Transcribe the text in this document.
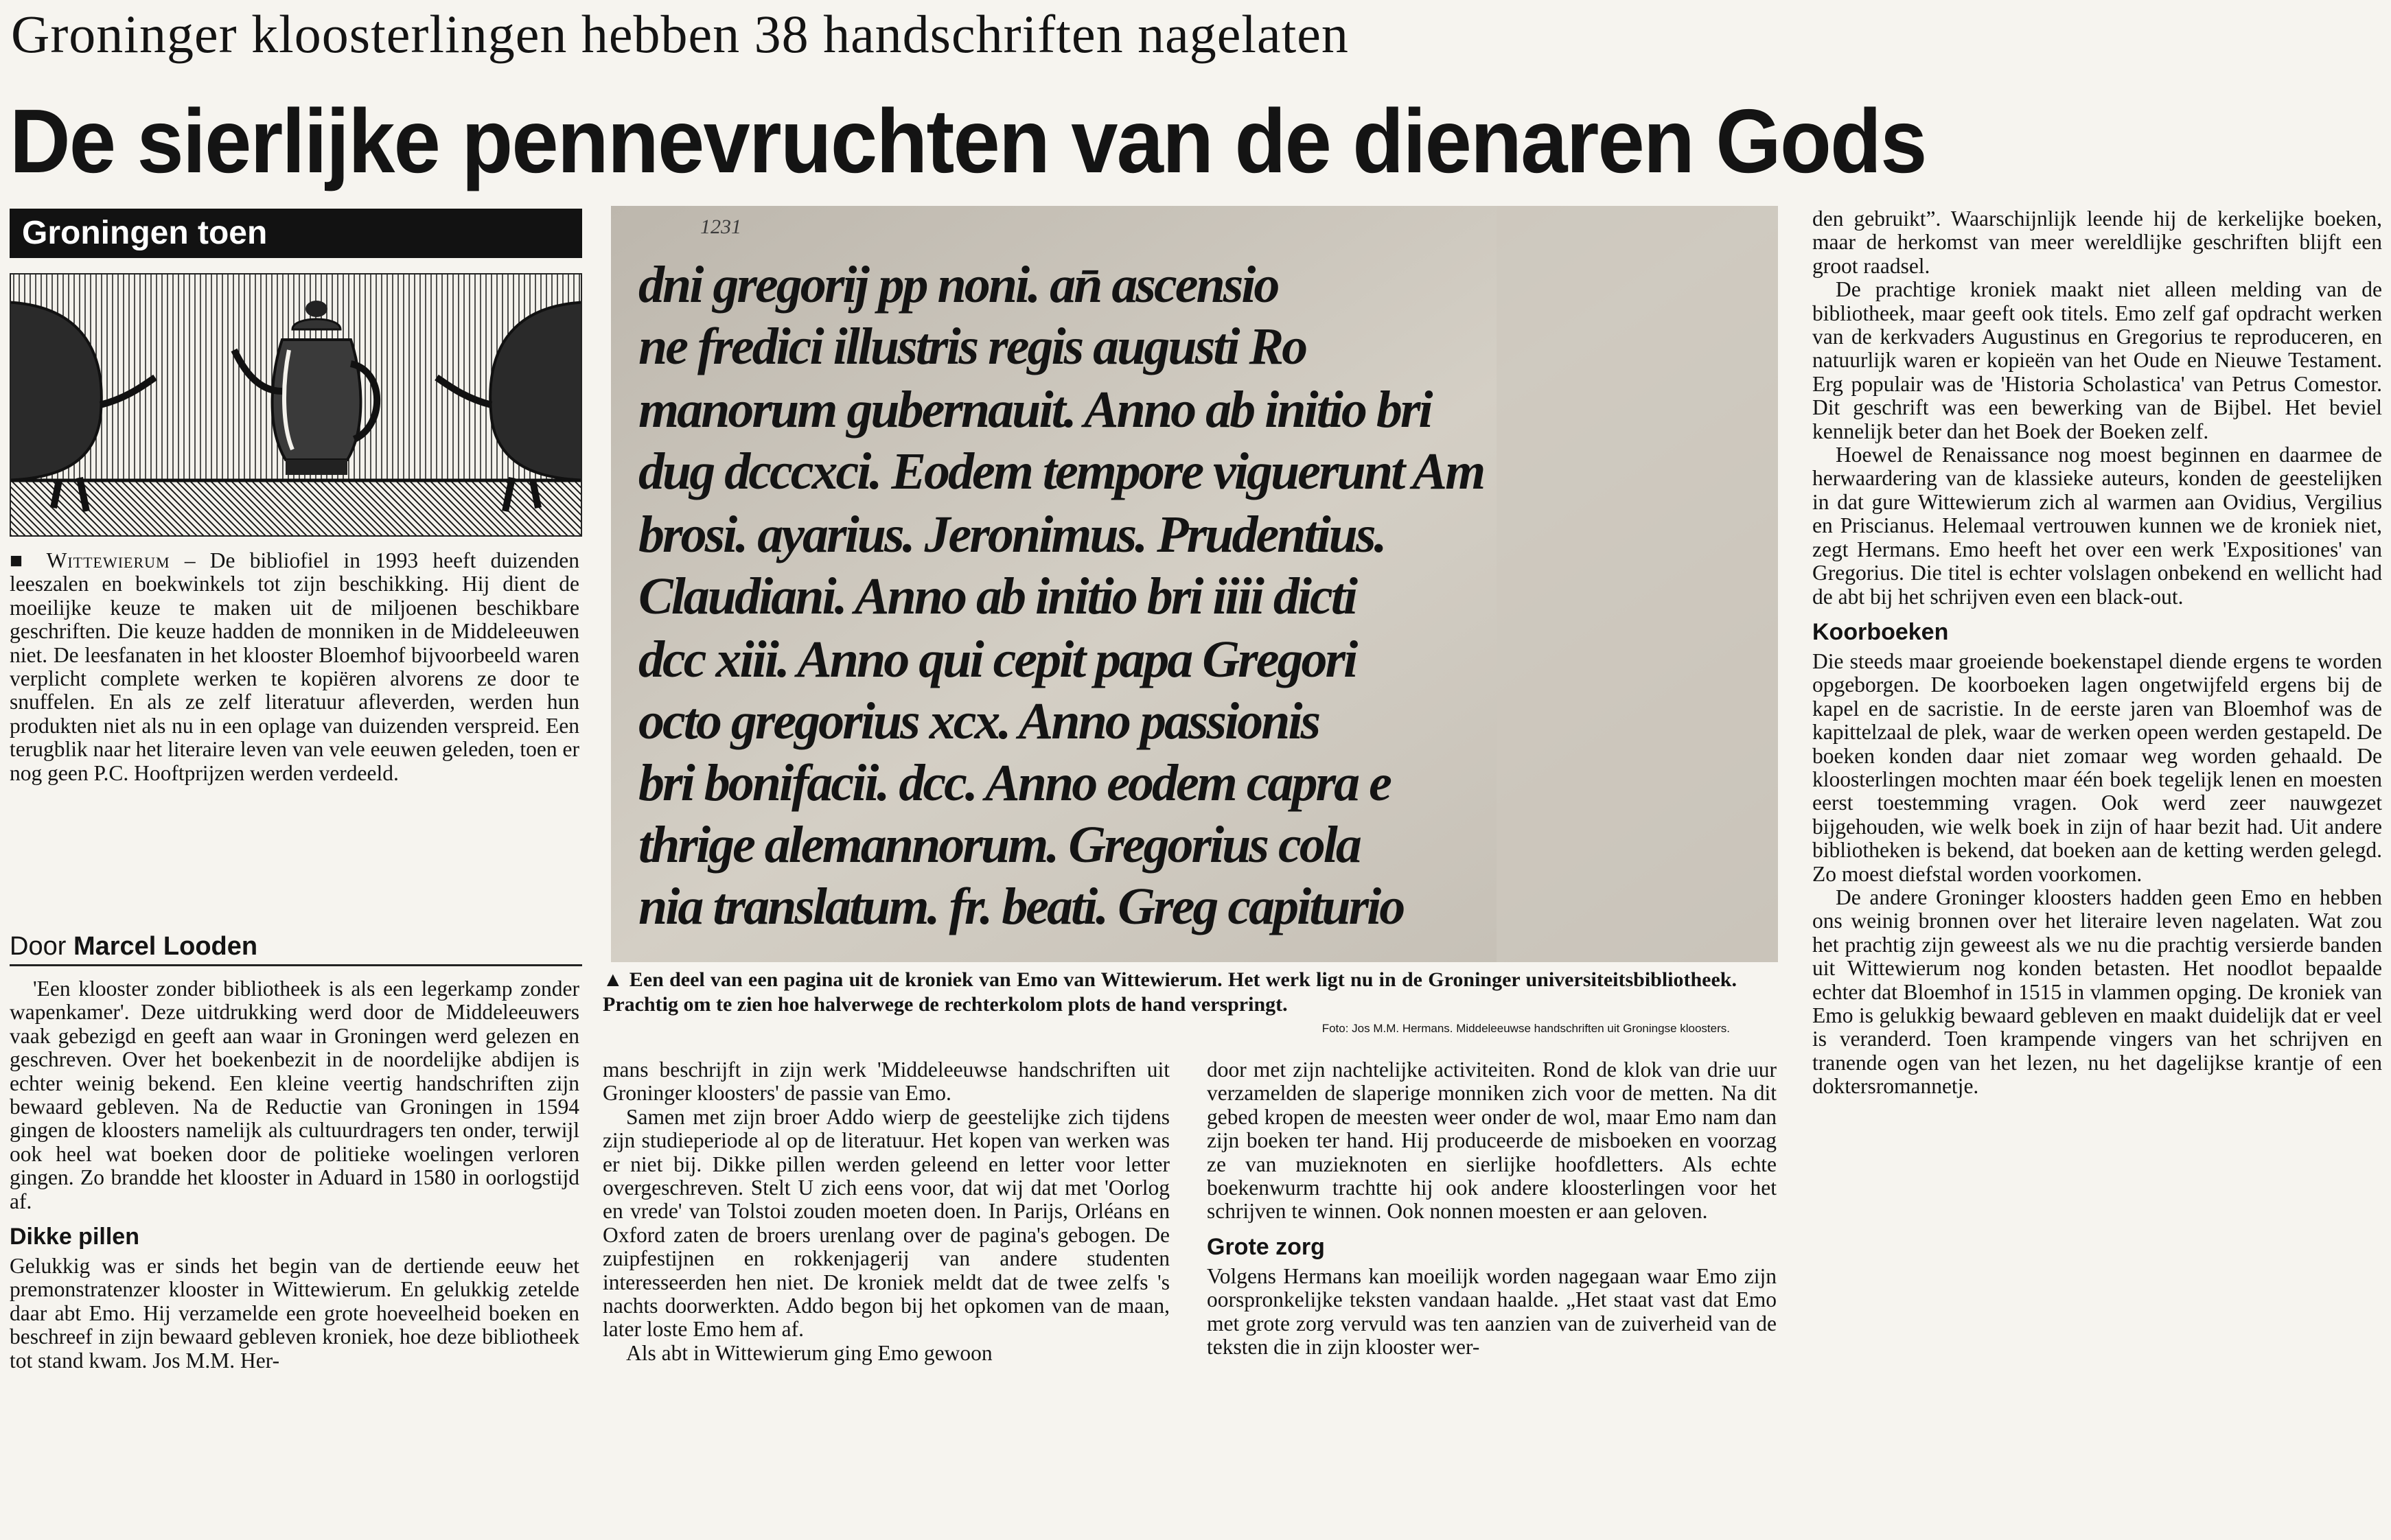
Groninger kloosterlingen hebben 38 handschriften nagelaten
De sierlijke pennevruchten van de dienaren Gods
Groningen toen

■ Wittewierum – De bibliofiel in 1993 heeft duizenden leeszalen en boekwinkels tot zijn beschikking. Hij dient de moeilijke keuze te maken uit de miljoenen beschikbare geschriften. Die keuze hadden de monniken in de Middeleeuwen niet. De leesfanaten in het klooster Bloemhof bijvoorbeeld waren verplicht complete werken te kopiëren alvorens ze door te snuffelen. En als ze zelf literatuur afleverden, werden hun produkten niet als nu in een oplage van duizenden verspreid. Een terugblik naar het literaire leven van vele eeuwen geleden, toen er nog geen P.C. Hooftprijzen werden verdeeld.

Door Marcel Looden
1231
dni gregorij pp noni. an̄ ascensio
ne fredici illustris regis augusti Ro
manorum gubernauit. Anno ab initio bri
dug dcccxci. Eodem tempore viguerunt Am
brosi. ayarius. Jeronimus. Prudentius.
Claudiani. Anno ab initio bri iiii dicti
dcc xiii. Anno qui cepit papa Gregori
octo gregorius xcx. Anno passionis
bri bonifacii. dcc. Anno eodem capra e
thrige alemannorum. Gregorius cola
nia translatum. fr. beati. Greg capiturio
▲ Een deel van een pagina uit de kroniek van Emo van Wittewierum. Het werk ligt nu in de Groninger universiteitsbibliotheek. Prachtig om te zien hoe halverwege de rechterkolom plots de hand verspringt.
Foto: Jos M.M. Hermans. Middeleeuwse handschriften uit Groningse kloosters.

'Een klooster zonder bibliotheek is als een legerkamp zonder wapenkamer'. Deze uitdrukking werd door de Middeleeuwers vaak gebezigd en geeft aan waar in Groningen werd gelezen en geschreven. Over het boekenbezit in de noordelijke abdijen is echter weinig bekend. Een kleine veertig handschriften zijn bewaard gebleven. Na de Reductie van Groningen in 1594 gingen de kloosters namelijk als cultuurdragers ten onder, terwijl ook heel wat boeken door de politieke woelingen verloren gingen. Zo brandde het klooster in Aduard in 1580 in oorlogstijd af.

Dikke pillen

Gelukkig was er sinds het begin van de dertiende eeuw het premonstratenzer klooster in Wittewierum. En gelukkig zetelde daar abt Emo. Hij verzamelde een grote hoeveelheid boeken en beschreef in zijn bewaard gebleven kroniek, hoe deze bibliotheek tot stand kwam. Jos M.M. Her-

mans beschrijft in zijn werk 'Middeleeuwse handschriften uit Groninger kloosters' de passie van Emo.

Samen met zijn broer Addo wierp de geestelijke zich tijdens zijn studieperiode al op de literatuur. Het kopen van werken was er niet bij. Dikke pillen werden geleend en letter voor letter overgeschreven. Stelt U zich eens voor, dat wij dat met 'Oorlog en vrede' van Tolstoi zouden moeten doen. In Parijs, Orléans en Oxford zaten de broers urenlang over de pagina's gebogen. De zuipfestijnen en rokkenjagerij van andere studenten interesseerden hen niet. De kroniek meldt dat de twee zelfs 's nachts doorwerkten. Addo begon bij het opkomen van de maan, later loste Emo hem af.

Als abt in Wittewierum ging Emo gewoon

door met zijn nachtelijke activiteiten. Rond de klok van drie uur verzamelden de slaperige monniken zich voor de metten. Na dit gebed kropen de meesten weer onder de wol, maar Emo nam dan zijn boeken ter hand. Hij produceerde de misboeken en voorzag ze van muzieknoten en sierlijke hoofdletters. Als echte boekenwurm trachtte hij ook andere kloosterlingen voor het schrijven te winnen. Ook nonnen moesten er aan geloven.

Grote zorg

Volgens Hermans kan moeilijk worden nagegaan waar Emo zijn oorspronkelijke teksten vandaan haalde. „Het staat vast dat Emo met grote zorg vervuld was ten aanzien van de zuiverheid van de teksten die in zijn klooster wer-

den gebruikt”. Waarschijnlijk leende hij de kerkelijke boeken, maar de herkomst van meer wereldlijke geschriften blijft een groot raadsel.

De prachtige kroniek maakt niet alleen melding van de bibliotheek, maar geeft ook titels. Emo zelf gaf opdracht werken van de kerkvaders Augustinus en Gregorius te reproduceren, en natuurlijk waren er kopieën van het Oude en Nieuwe Testament. Erg populair was de 'Historia Scholastica' van Petrus Comestor. Dit geschrift was een bewerking van de Bijbel. Het beviel kennelijk beter dan het Boek der Boeken zelf.

Hoewel de Renaissance nog moest beginnen en daarmee de herwaardering van de klassieke auteurs, konden de geestelijken in dat gure Wittewierum zich al warmen aan Ovidius, Vergilius en Priscianus. Helemaal vertrouwen kunnen we de kroniek niet, zegt Hermans. Emo heeft het over een werk 'Expositiones' van Gregorius. Die titel is echter volslagen onbekend en wellicht had de abt bij het schrijven even een black-out.

Koorboeken

Die steeds maar groeiende boekenstapel diende ergens te worden opgeborgen. De koorboeken lagen ongetwijfeld ergens bij de kapel en de sacristie. In de eerste jaren van Bloemhof was de kapittelzaal de plek, waar de werken opeen werden gestapeld. De boeken konden daar niet zomaar weg worden gehaald. De kloosterlingen mochten maar één boek tegelijk lenen en moesten eerst toestemming vragen. Ook werd zeer nauwgezet bijgehouden, wie welk boek in zijn of haar bezit had. Uit andere bibliotheken is bekend, dat boeken aan de ketting werden gelegd. Zo moest diefstal worden voorkomen.

De andere Groninger kloosters hadden geen Emo en hebben ons weinig bronnen over het literaire leven nagelaten. Wat zou het prachtig zijn geweest als we nu die prachtig versierde banden uit Wittewierum nog konden betasten. Het noodlot bepaalde echter dat Bloemhof in 1515 in vlammen opging. De kroniek van Emo is gelukkig bewaard gebleven en maakt duidelijk dat er veel is veranderd. Toen krampende vingers van het schrijven en tranende ogen van het lezen, nu het dagelijkse krantje of een doktersromannetje.
